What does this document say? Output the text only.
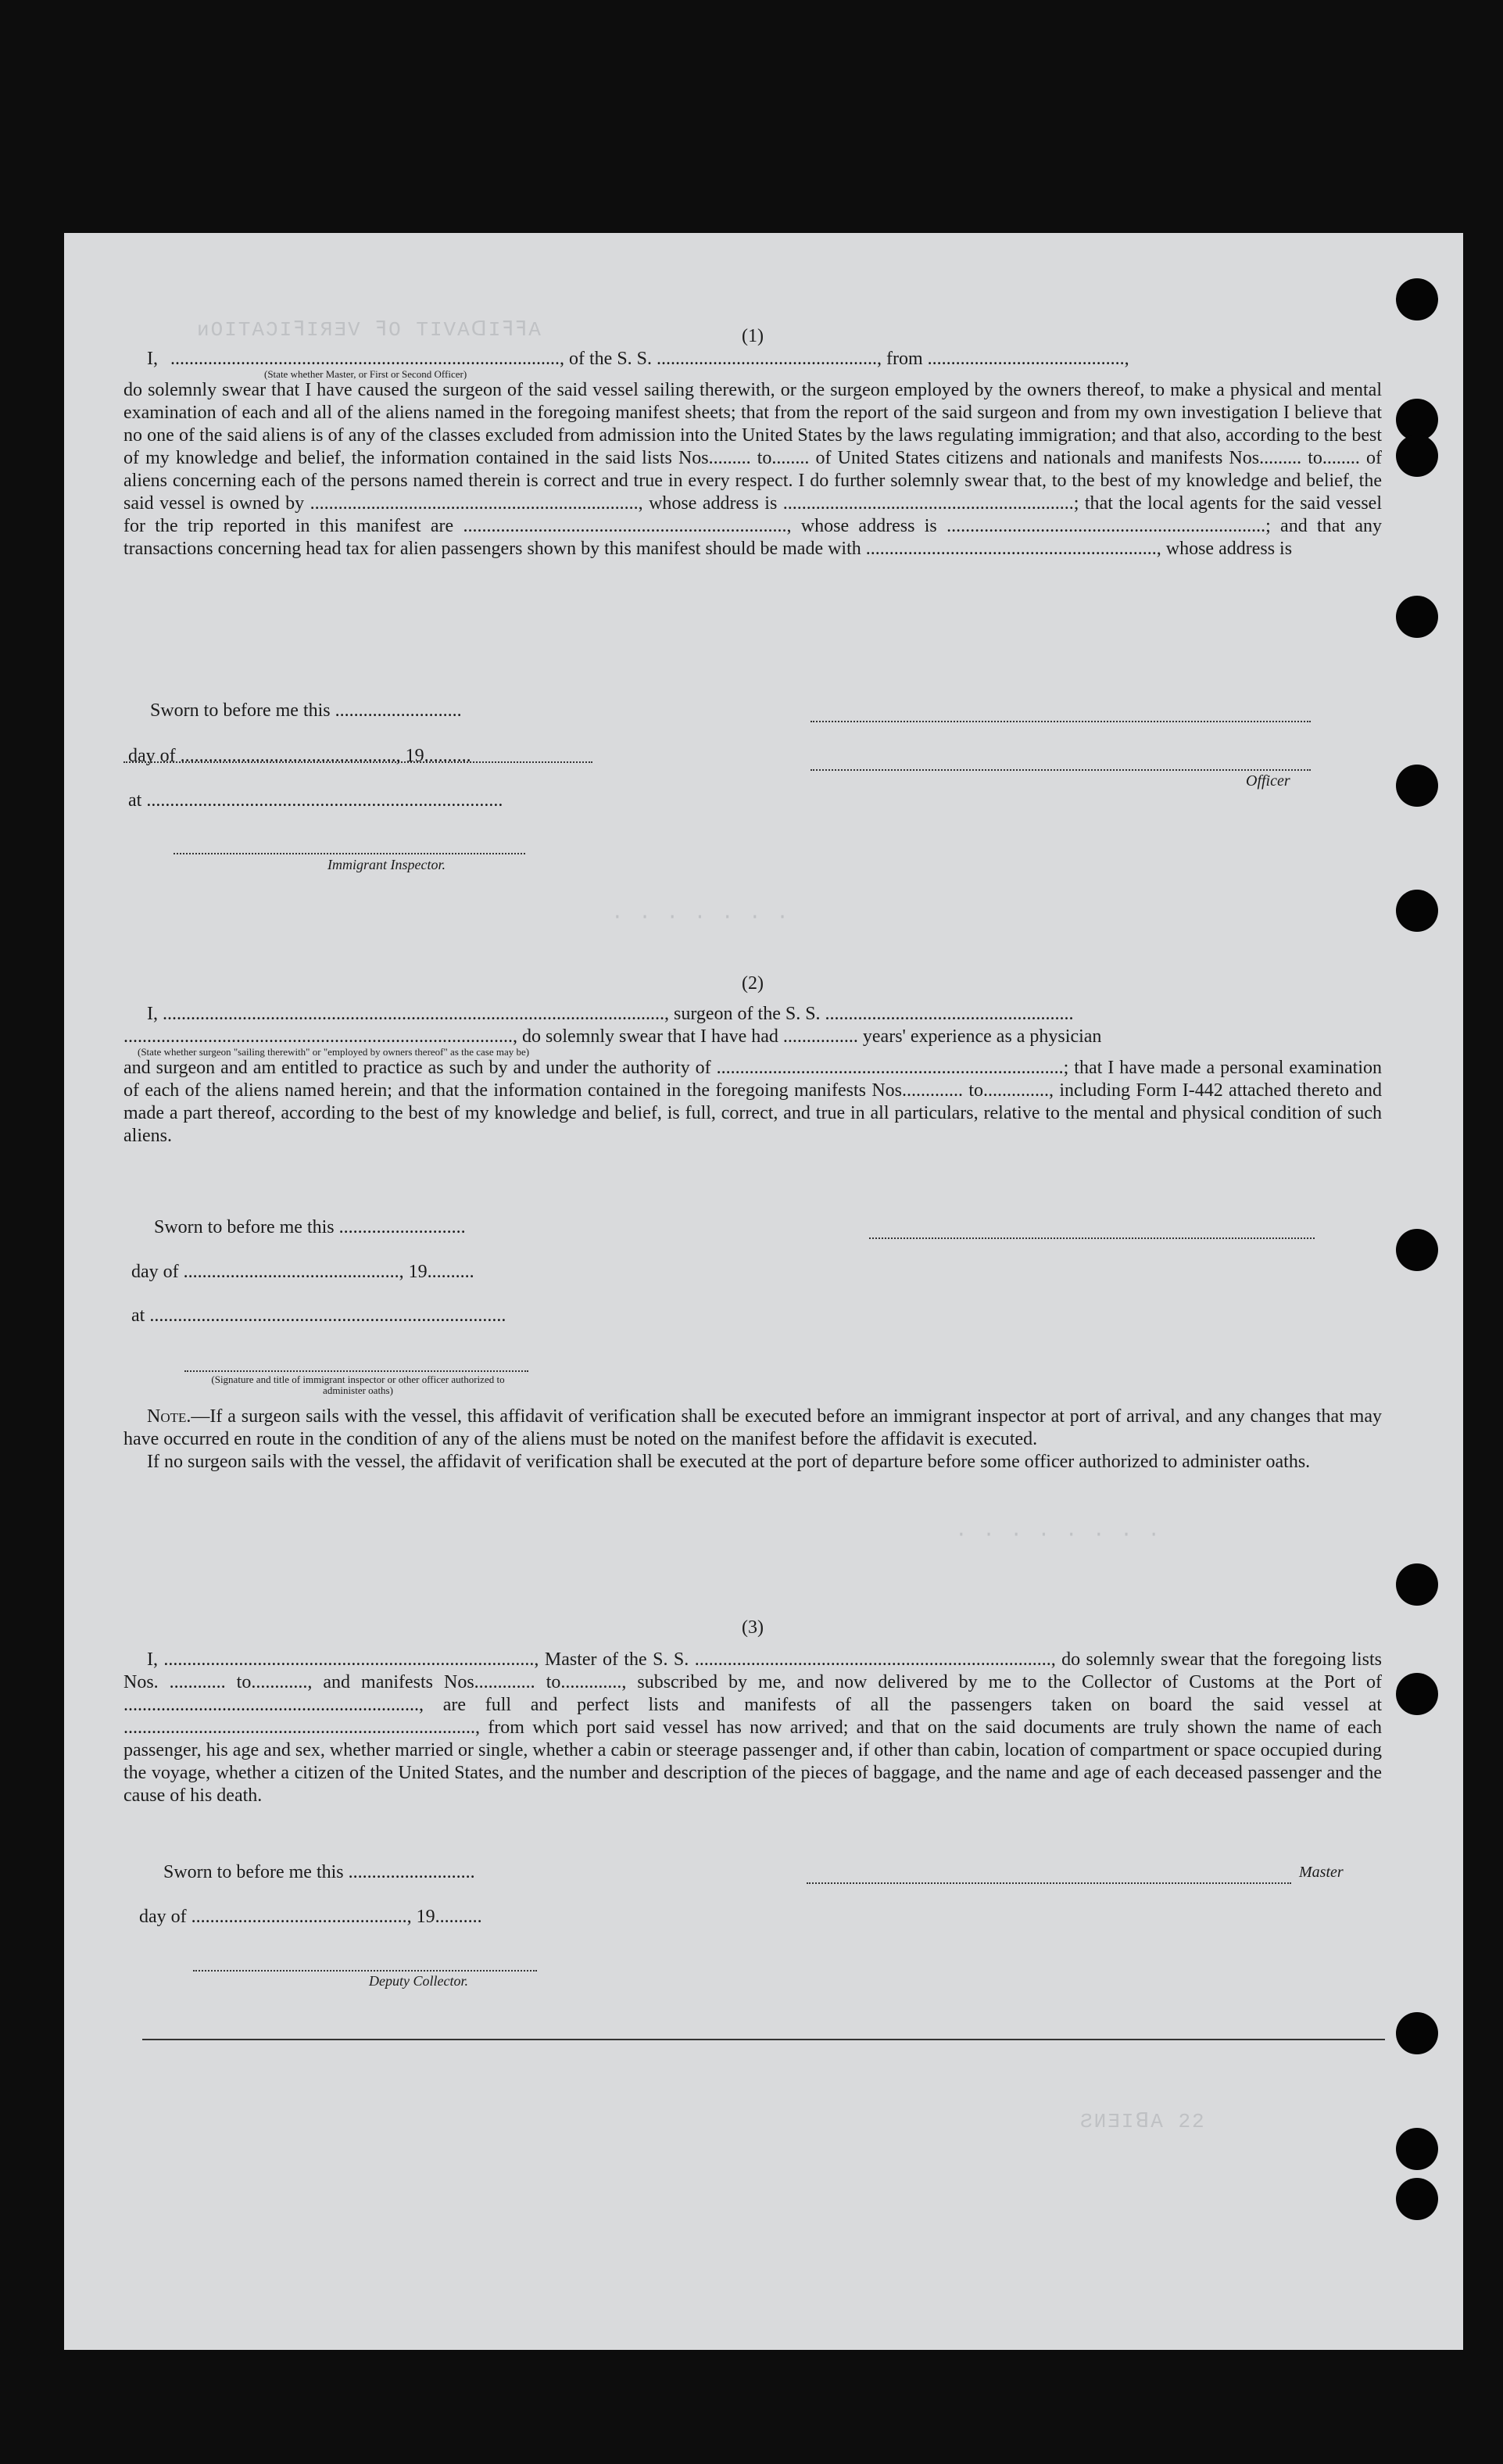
ᴎOITAƆIꟻIЯƎV ꟻO TIVAᗡIꟻꟻA
· · · · · · ·
· · · · · · · ·
ƧИƎIꓭA 22
(1)
I, ..................................................................................., of the S. S. ..............................................., from ..........................................,
(State whether Master, or First or Second Officer)
do solemnly swear that I have caused the surgeon of the said vessel sailing therewith, or the surgeon employed by the owners thereof, to make a physical and mental examination of each and all of the aliens named in the foregoing manifest sheets; that from the report of the said surgeon and from my own investigation I believe that no one of the said aliens is of any of the classes excluded from admission into the United States by the laws regulating immigration; and that also, according to the best of my knowledge and belief, the information contained in the said lists Nos......... to........ of United States citizens and nationals and manifests Nos......... to........ of aliens concerning each of the persons named therein is correct and true in every respect. I do further solemnly swear that, to the best of my knowledge and belief, the said vessel is owned by ......................................................................, whose address is ..............................................................; that the local agents for the said vessel for the trip reported in this manifest are ....................................................................., whose address is ....................................................................; and that any transactions concerning head tax for alien passengers shown by this manifest should be made with .............................................................., whose address is
Sworn to before me this ...........................
day of .............................................., 19..........
Officer
at ............................................................................
Immigrant Inspector.
(2)
I, ..........................................................................................................., surgeon of the S. S. .....................................................
..................................................................................., do solemnly swear that I have had ................ years' experience as a physician
(State whether surgeon "sailing therewith" or "employed by owners thereof" as the case may be)
and surgeon and am entitled to practice as such by and under the authority of ..........................................................................; that I have made a personal examination of each of the aliens named herein; and that the information contained in the foregoing manifests Nos............. to.............., including Form I-442 attached thereto and made a part thereof, according to the best of my knowledge and belief, is full, correct, and true in all particulars, relative to the mental and physical condition of such aliens.
Sworn to before me this ...........................
day of .............................................., 19..........
at ............................................................................
(Signature and title of immigrant inspector or other officer authorized to administer oaths)
Note.—If a surgeon sails with the vessel, this affidavit of verification shall be executed before an immigrant inspector at port of arrival, and any changes that may have occurred en route in the condition of any of the aliens must be noted on the manifest before the affidavit is executed.
If no surgeon sails with the vessel, the affidavit of verification shall be executed at the port of departure before some officer authorized to administer oaths.
(3)
I, ..............................................................................., Master of the S. S. ............................................................................, do solemnly swear that the foregoing lists Nos. ............ to............, and manifests Nos............. to............., subscribed by me, and now delivered by me to the Collector of Customs at the Port of ..............................................................., are full and perfect lists and manifests of all the passengers taken on board the said vessel at ..........................................................................., from which port said vessel has now arrived; and that on the said documents are truly shown the name of each passenger, his age and sex, whether married or single, whether a cabin or steerage passenger and, if other than cabin, location of compartment or space occupied during the voyage, whether a citizen of the United States, and the number and description of the pieces of baggage, and the name and age of each deceased passenger and the cause of his death.
Sworn to before me this ...........................	Master
day of .............................................., 19..........
Deputy Collector.
